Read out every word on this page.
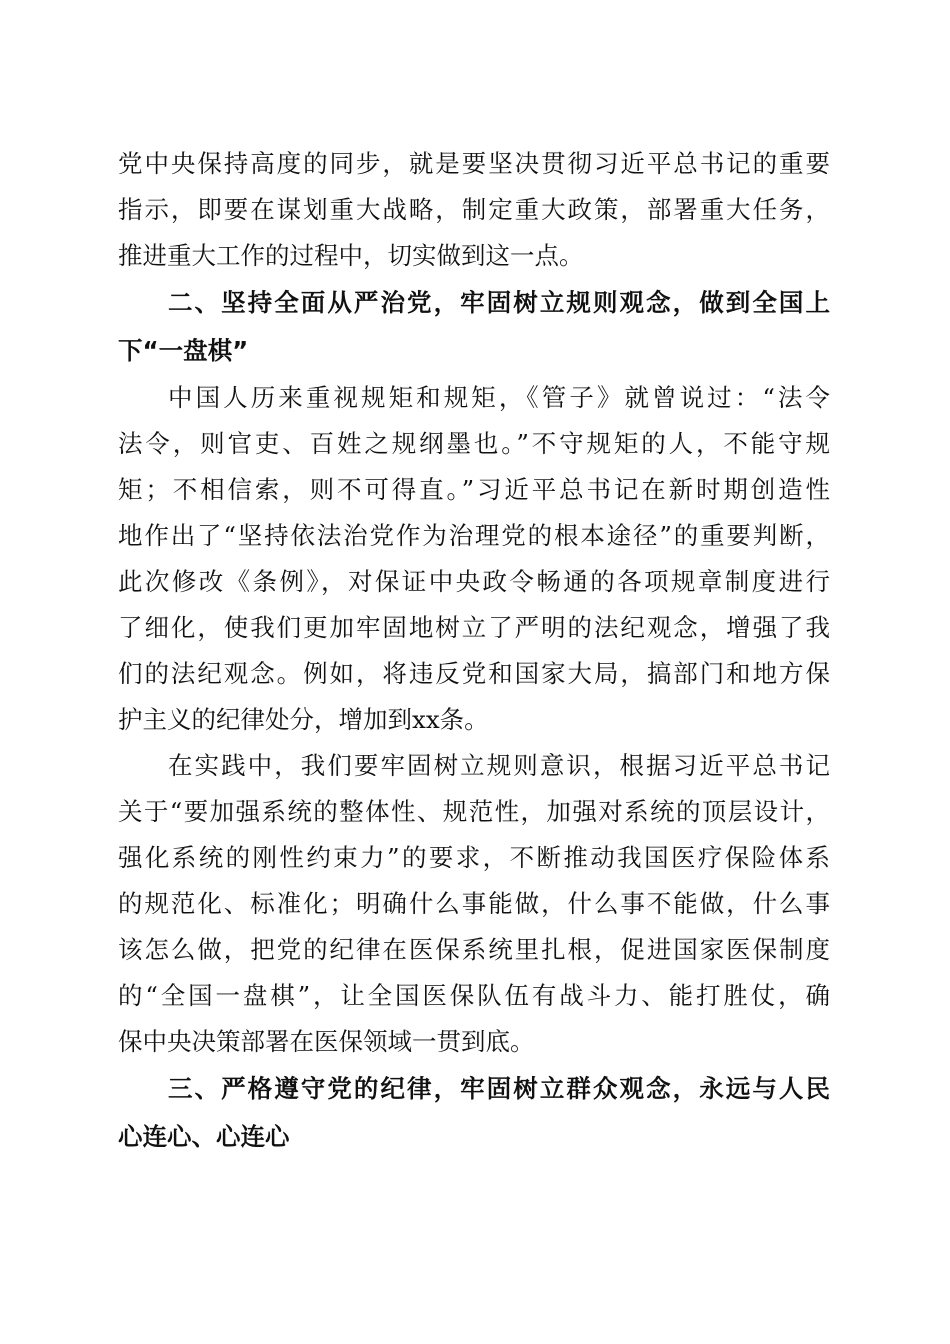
党中央保持高度的同步，就是要坚决贯彻习近平总书记的重要
指示，即要在谋划重大战略，制定重大政策，部署重大任务，
推进重大工作的过程中，切实做到这一点。
二、坚持全面从严治党，牢固树立规则观念，做到全国上
下“一盘棋”
中国人历来重视规矩和规矩，《管子》就曾说过：“法令
法令，则官吏、百姓之规纲墨也。”不守规矩的人，不能守规
矩；不相信索，则不可得直。”习近平总书记在新时期创造性
地作出了“坚持依法治党作为治理党的根本途径”的重要判断，
此次修改《条例》，对保证中央政令畅通的各项规章制度进行
了细化，使我们更加牢固地树立了严明的法纪观念，增强了我
们的法纪观念。例如，将违反党和国家大局，搞部门和地方保
护主义的纪律处分，增加到xx条。
在实践中，我们要牢固树立规则意识，根据习近平总书记
关于“要加强系统的整体性、规范性，加强对系统的顶层设计，
强化系统的刚性约束力”的要求，不断推动我国医疗保险体系
的规范化、标准化；明确什么事能做，什么事不能做，什么事
该怎么做，把党的纪律在医保系统里扎根，促进国家医保制度
的“全国一盘棋”，让全国医保队伍有战斗力、能打胜仗，确
保中央决策部署在医保领域一贯到底。
三、严格遵守党的纪律，牢固树立群众观念，永远与人民
心连心、心连心
